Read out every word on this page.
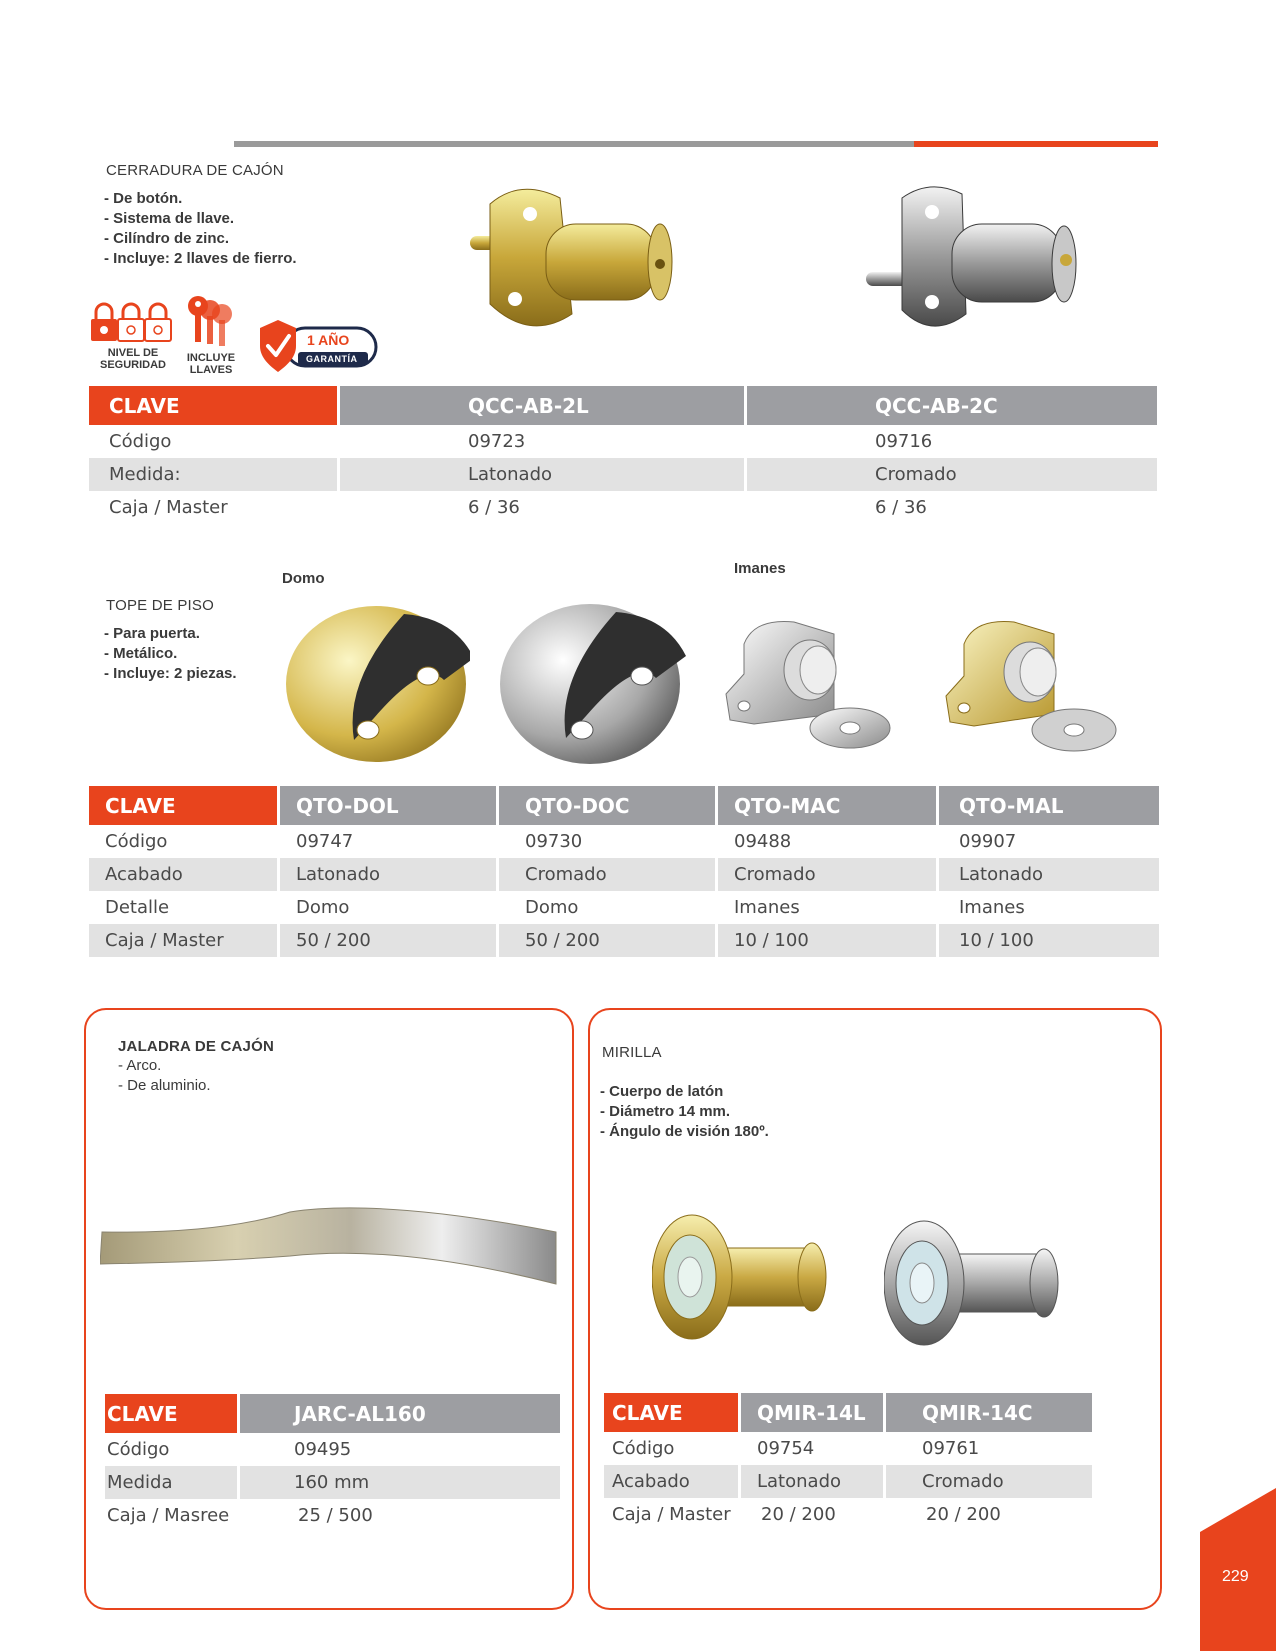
CERRADURA DE CAJÓN
- De botón.
- Sistema de llave.
- Cilíndro de zinc.
- Incluye: 2 llaves de fierro.
NIVEL DE
SEGURIDAD
INCLUYE
LLAVES
1 AÑO
GARANTÍA
CLAVE	QCC-AB-2L	QCC-AB-2C
Código	09723	09716
Medida:	Latonado	Cromado
Caja / Master	6 / 36	6 / 36
TOPE DE PISO
- Para puerta.
- Metálico.
- Incluye: 2 piezas.
Domo
Imanes
CLAVE	QTO-DOL	QTO-DOC	QTO-MAC	QTO-MAL
Código	09747	09730	09488	09907
Acabado	Latonado	Cromado	Cromado	Latonado
Detalle	Domo	Domo	Imanes	Imanes
Caja / Master	50 / 200	50 / 200	10 / 100	10 / 100
JALADRA DE CAJÓN
- Arco.
- De aluminio.
CLAVE	JARC-AL160
Código	09495
Medida	160 mm
Caja / Masree	25 / 500
MIRILLA
- Cuerpo de latón
- Diámetro 14 mm.
- Ángulo de visión 180º.
CLAVE	QMIR-14L	QMIR-14C
Código	09754	09761
Acabado	Latonado	Cromado
Caja / Master	20 / 200	20 / 200
229
